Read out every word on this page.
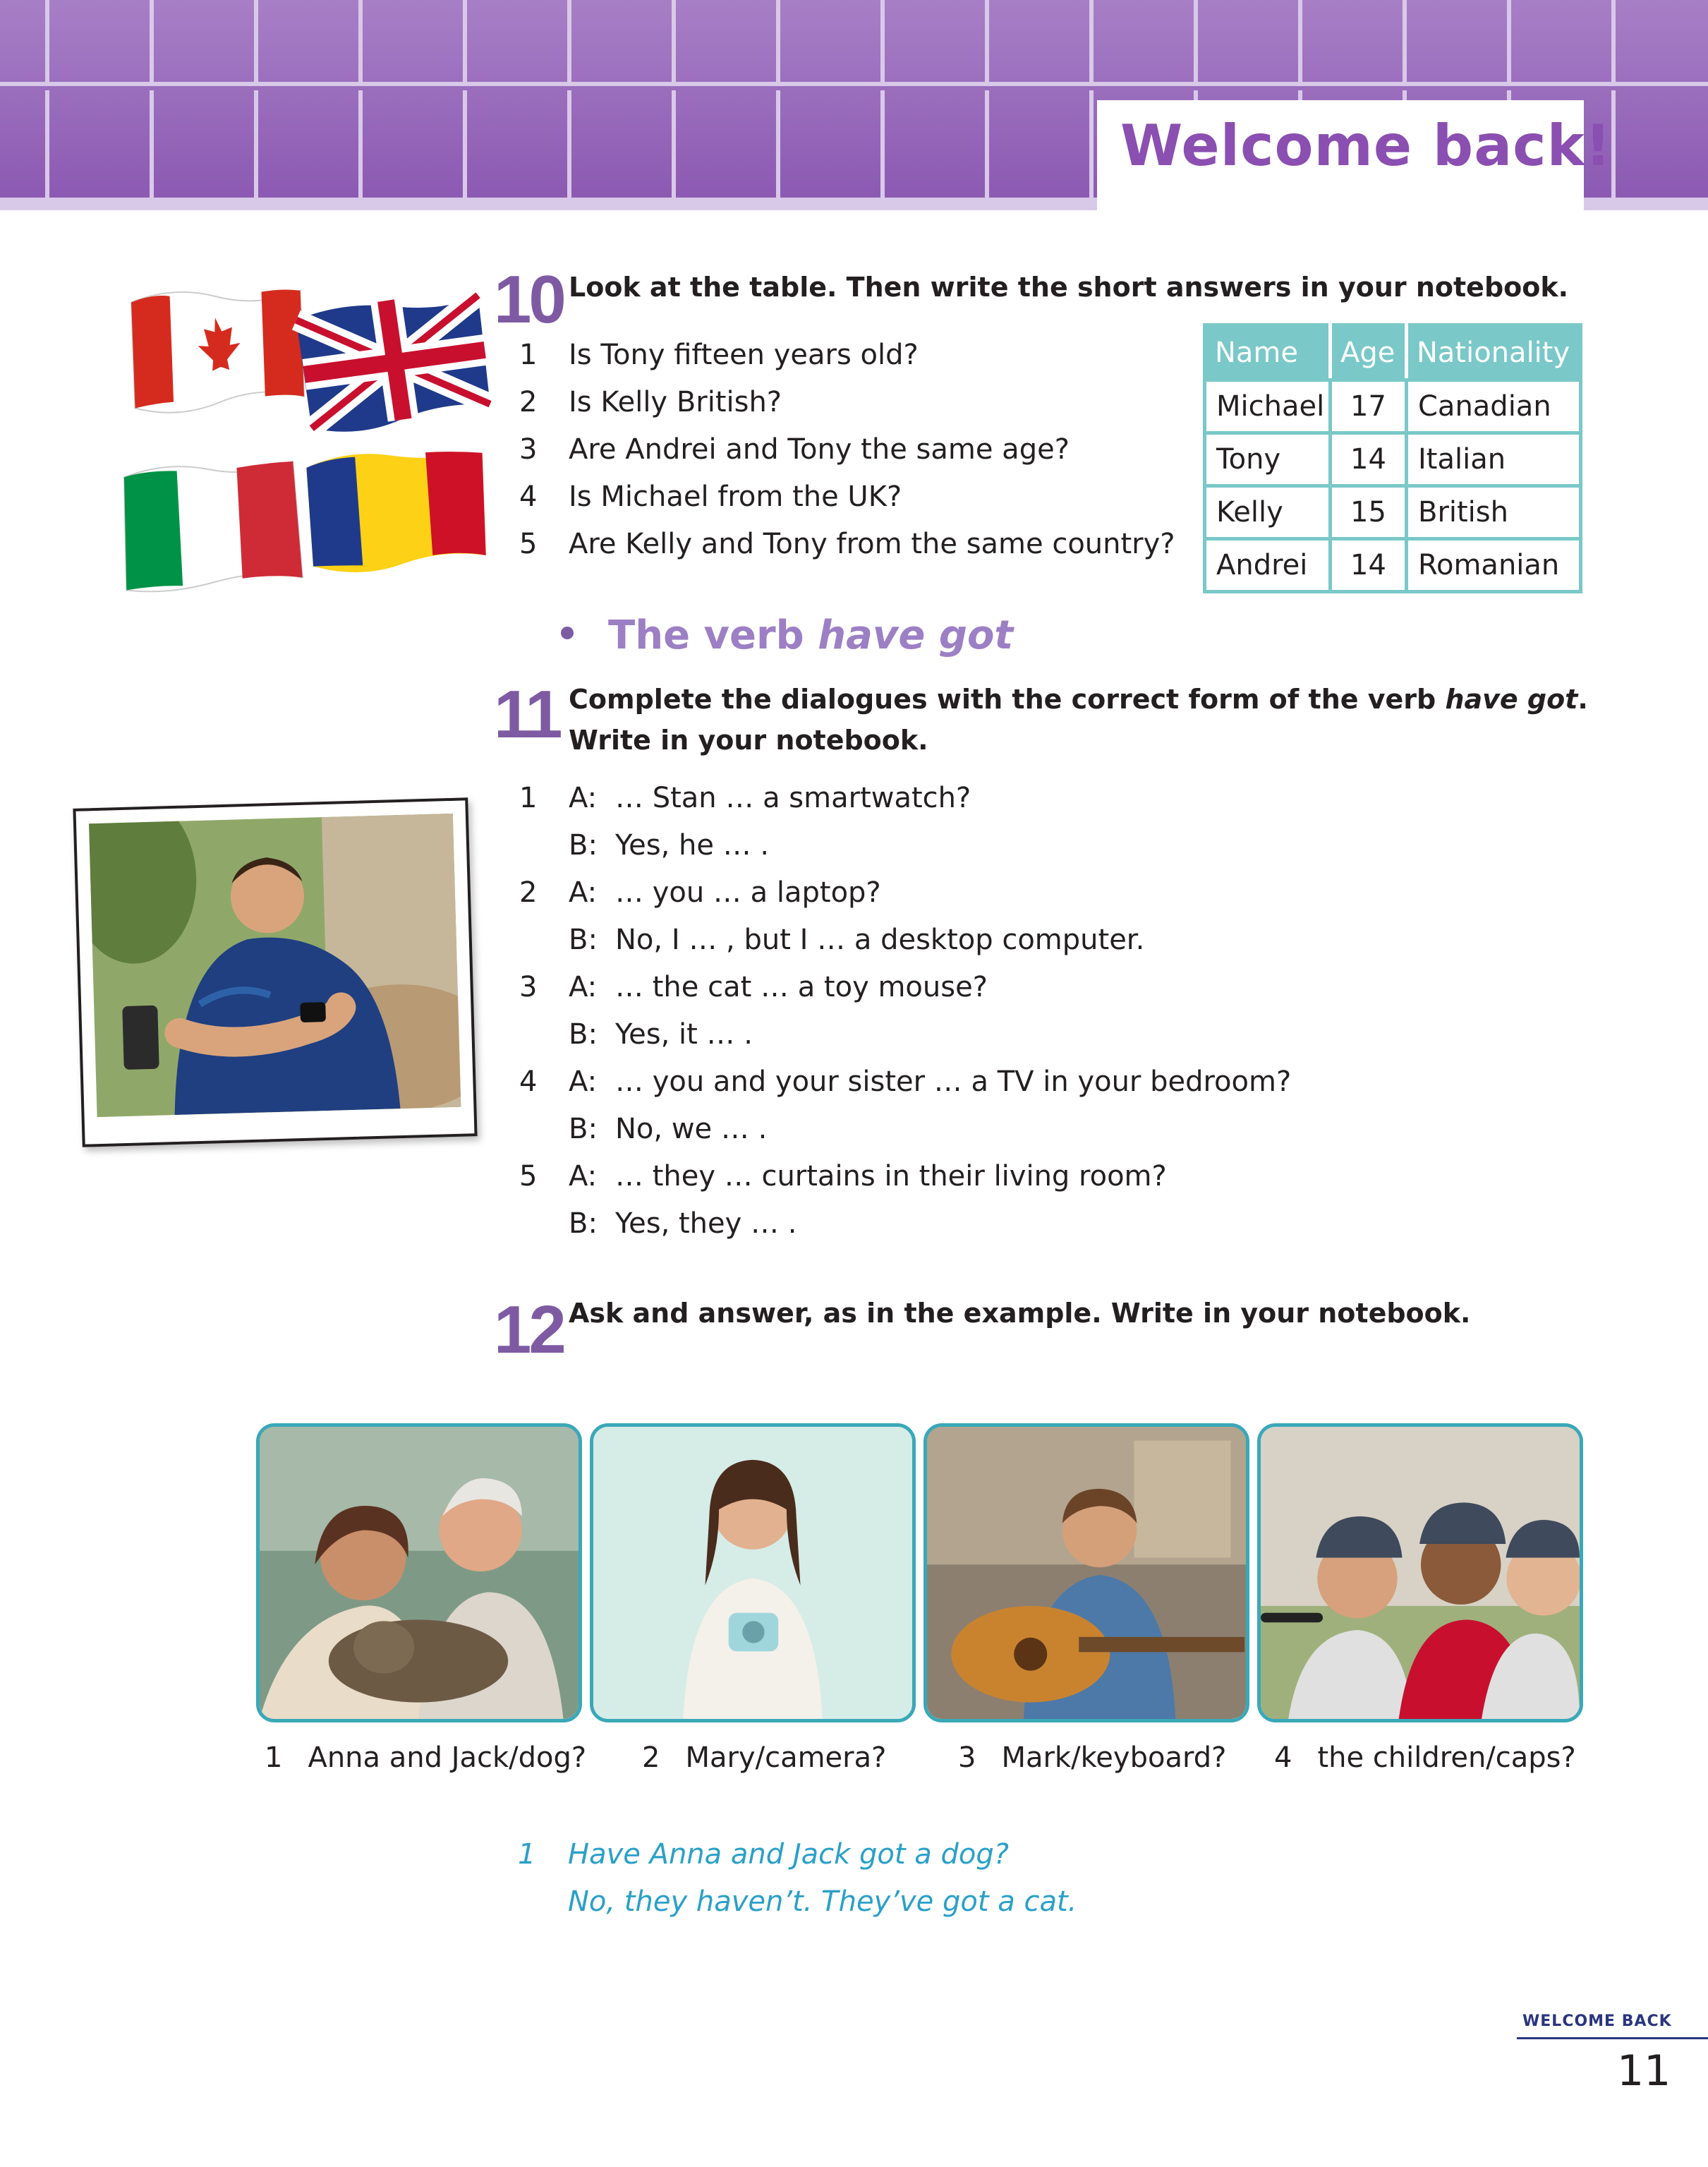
Welcome back!
10 Look at the table. Then write the short answers in your notebook.
1 Is Tony fifteen years old?
2 Is Kelly British?
3 Are Andrei and Tony the same age?
4 Is Michael from the UK?
5 Are Kelly and Tony from the same country?
Name	Age	Nationality
Michael	17	Canadian
Tony	14	Italian
Kelly	15	British
Andrei	14	Romanian
The verb have got
11 Complete the dialogues with the correct form of the verb have got.
Write in your notebook.
1 A: … Stan … a smartwatch?
B: Yes, he … .
2 A: … you … a laptop?
B: No, I … , but I … a desktop computer.
3 A: … the cat … a toy mouse?
B: Yes, it … .
4 A: … you and your sister … a TV in your bedroom?
B: No, we … .
5 A: … they … curtains in their living room?
B: Yes, they … .
12 Ask and answer, as in the example. Write in your notebook.
1 Anna and Jack/dog? 2 Mary/camera?	3 Mark/keyboard? 4 the children/caps?
1 Have Anna and Jack got a dog?
No, they haven’t. They’ve got a cat.
WELCOME BACK
11
